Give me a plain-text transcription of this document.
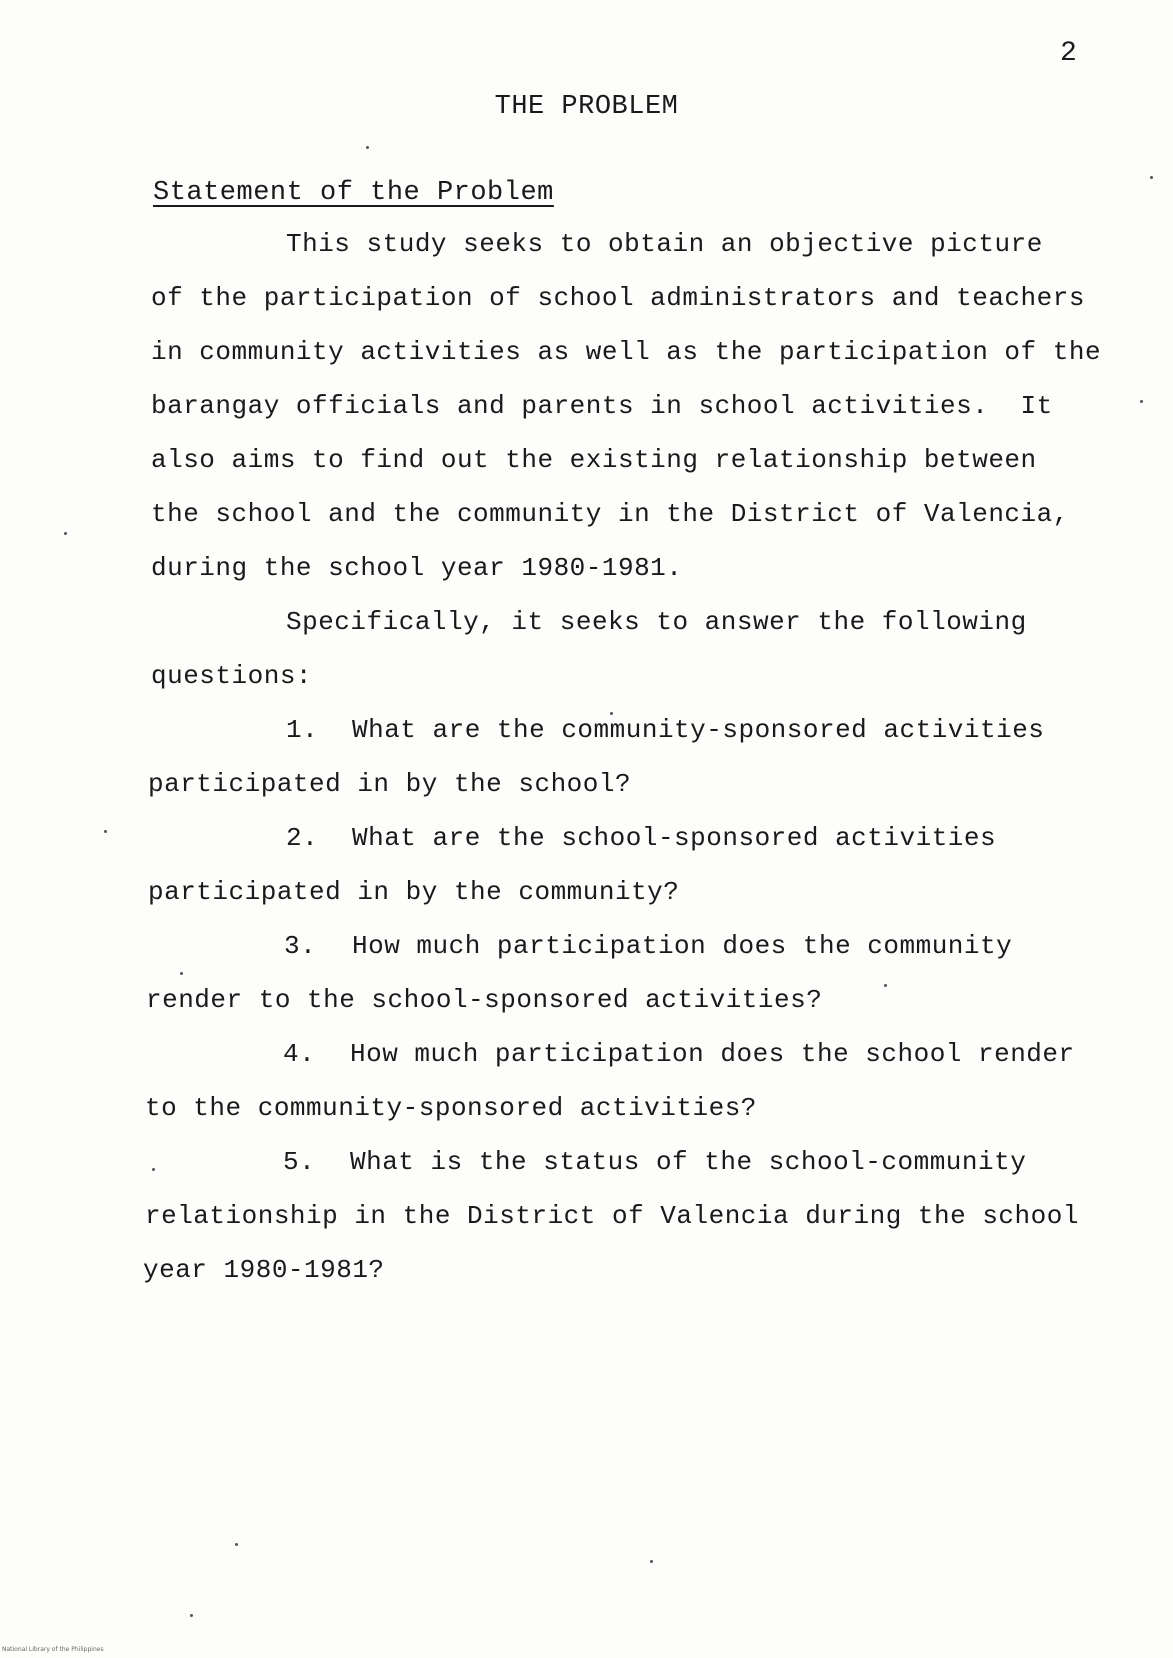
2
THE PROBLEM
Statement of the Problem
This study seeks to obtain an objective picture
of the participation of school administrators and teachers
in community activities as well as the participation of the
barangay officials and parents in school activities.  It
also aims to find out the existing relationship between
the school and the community in the District of Valencia,
during the school year 1980-1981.
Specifically, it seeks to answer the following
questions:
1. What are the community-sponsored activities
participated in by the school?
2. What are the school-sponsored activities
participated in by the community?
3. How much participation does the community
render to the school-sponsored activities?
4. How much participation does the school render
to the community-sponsored activities?
5. What is the status of the school-community
relationship in the District of Valencia during the school
year 1980-1981?
National Library of the Philippines
